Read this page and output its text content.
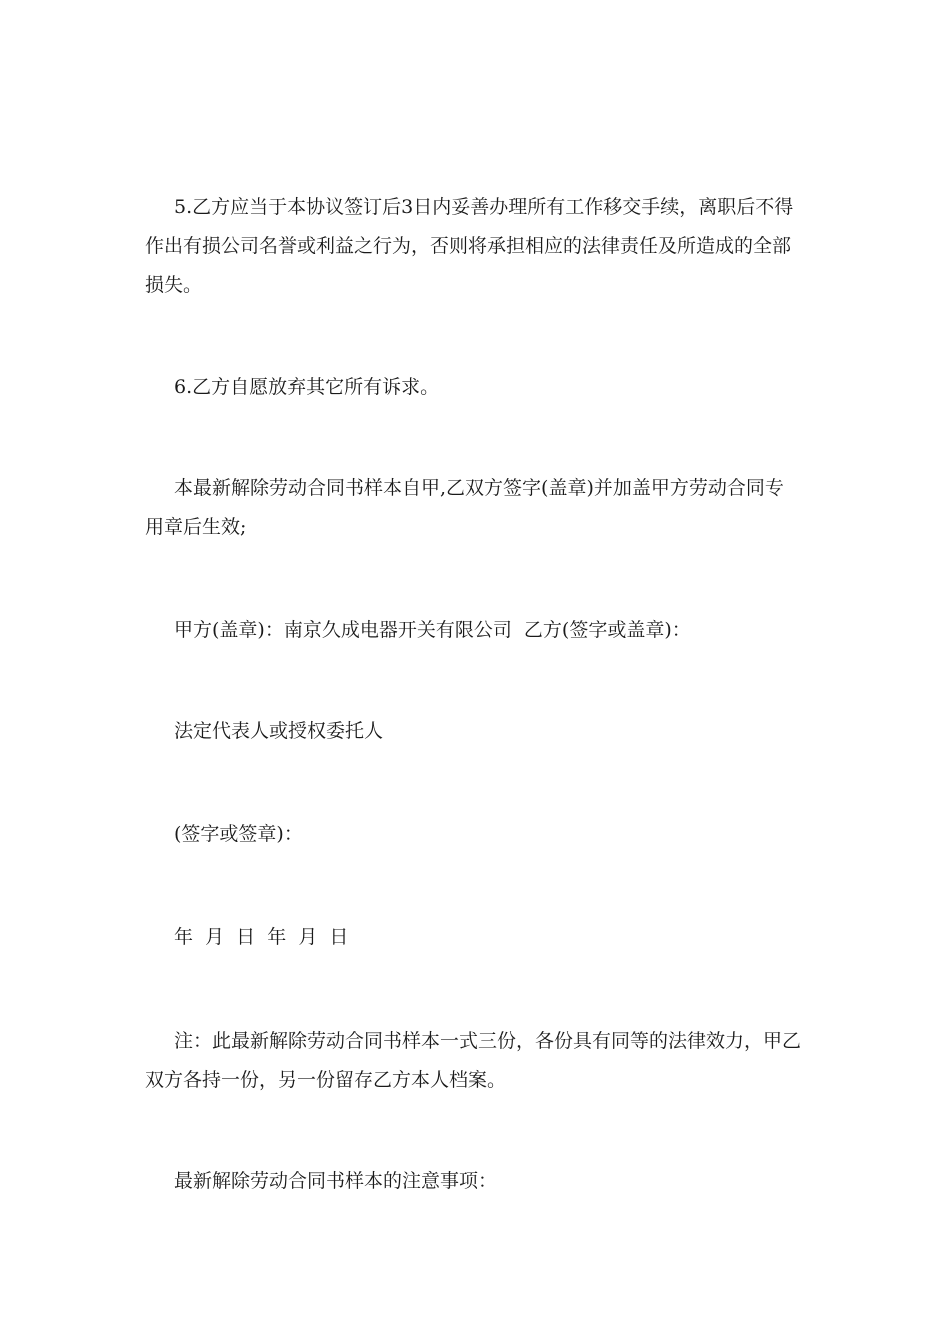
5.乙方应当于本协议签订后3日内妥善办理所有工作移交手续，离职后不得
作出有损公司名誉或利益之行为，否则将承担相应的法律责任及所造成的全部
损失。
6.乙方自愿放弃其它所有诉求。
本最新解除劳动合同书样本自甲,乙双方签字(盖章)并加盖甲方劳动合同专
用章后生效;
甲方(盖章)：南京久成电器开关有限公司  乙方(签字或盖章)：
法定代表人或授权委托人
(签字或签章)：
年  月  日  年  月  日
注：此最新解除劳动合同书样本一式三份，各份具有同等的法律效力，甲乙
双方各持一份，另一份留存乙方本人档案。
最新解除劳动合同书样本的注意事项：
